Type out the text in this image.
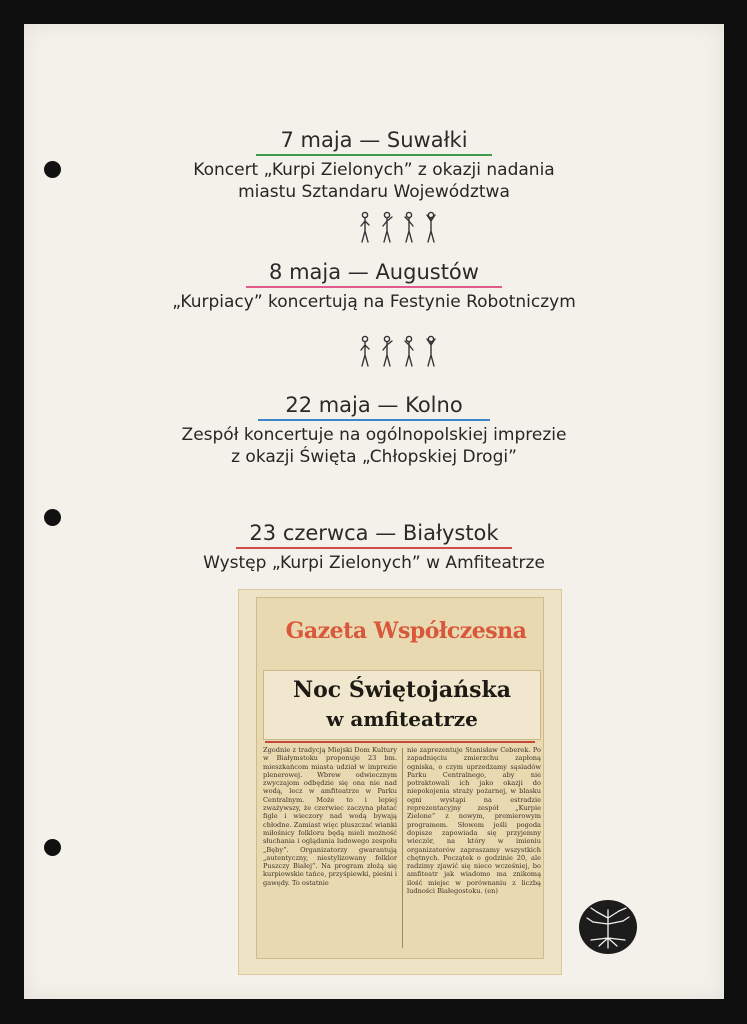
7 maja — Suwałki
Koncert „Kurpi Zielonych” z okazji nadania
miastu Sztandaru Województwa
8 maja — Augustów
„Kurpiacy” koncertują na Festynie Robotniczym
22 maja — Kolno
Zespół koncertuje na ogólnopolskiej imprezie
z okazji Święta „Chłopskiej Drogi”
23 czerwca — Białystok
Występ „Kurpi Zielonych” w Amfiteatrze
Gazeta Współczesna
Noc Świętojańska
w amfiteatrze
Zgodnie z tradycją Miejski Dom Kultury w Białymstoku proponuje 23 bm. mieszkańcom miasta udział w imprezie plenerowej. Wbrew odwiecznym zwyczajom odbędzie się ona nie nad wodą, lecz w amfiteatrze w Parku Centralnym. Może to i lepiej zważywszy, że czerwiec zaczyna płatać figle i wieczory nad wodą bywają chłodne. Zamiast więc pluszczać wianki miłośnicy folkloru będą mieli możność słuchania i oglądania ludowego zespołu „Bęby”. Organizatorzy gwarantują „autentyczny, niestylizowany folklor Puszczy Białej”. Na program złożą się kurpiowskie tańce, przyśpiewki, pieśni i gawędy. To ostatnie
nie zaprezentuje Stanisław Ceberek. Po zapadnięciu zmierzchu zapłoną ogniska, o czym uprzedzamy sąsiadów Parku Centralnego, aby nie potraktowali ich jako okazji do niepokojenia straży pożarnej, w blasku ogni wystąpi na estradzie reprezentacyjny zespół „Kurpie Zielone” z nowym, premierowym programem. Słowem jeśli pogoda dopisze zapowiada się przyjemny wieczór, na który w imieniu organizatorów zapraszamy wszystkich chętnych. Początek o godzinie 20, ale radzimy zjawić się nieco wcześniej, bo amfiteatr jak wiadomo ma znikomą ilość miejsc w porównaniu z liczbą ludności Białegostoku. (en)
